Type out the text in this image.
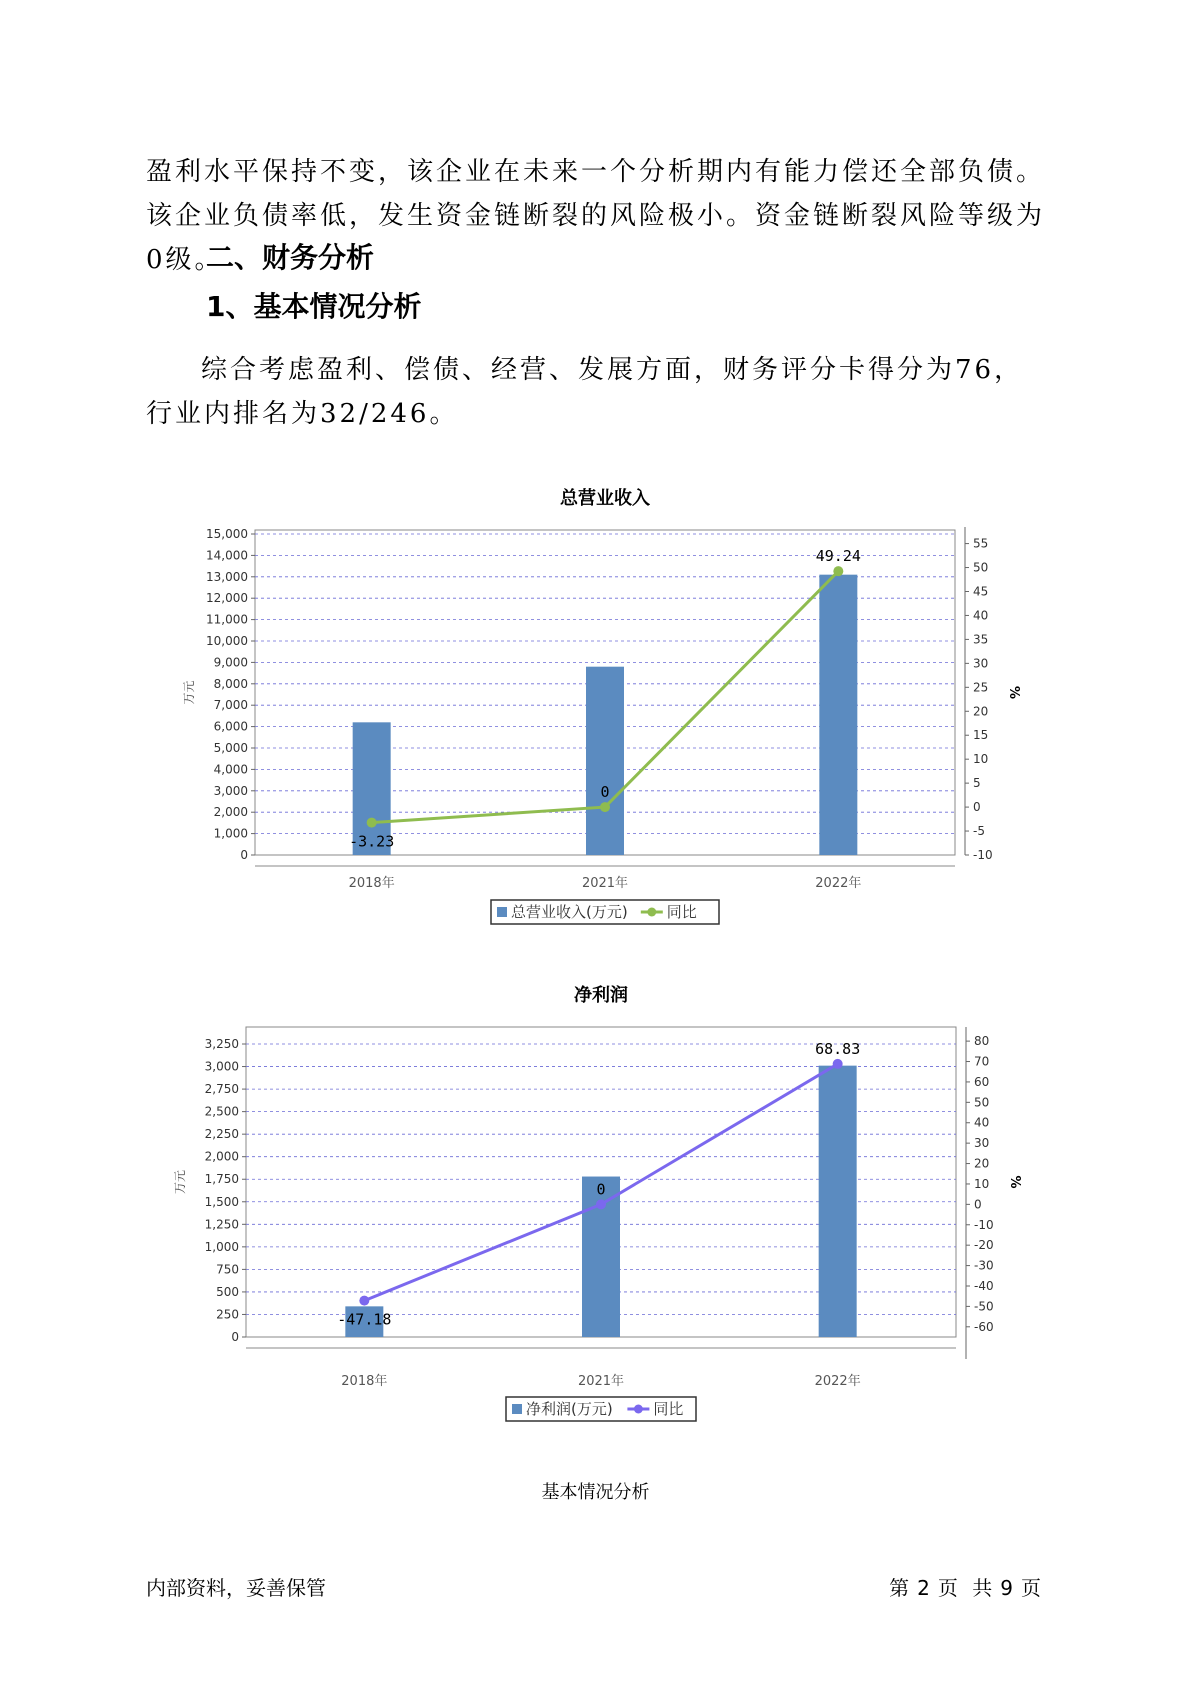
盈利水平保持不变，该企业在未来一个分析期内有能力偿还全部负债。该企业负债率低，发生资金链断裂的风险极小。资金链断裂风险等级为0级。

二、财务分析
1、基本情况分析

综合考虑盈利、偿债、经营、发展方面，财务评分卡得分为76，行业内排名为32/246。

总营业收入
0
1,000
2,000
3,000
4,000
5,000
6,000
7,000
8,000
9,000
10,000
11,000
12,000
13,000
14,000
15,000
万元
-10
-5
0
5
10
15
20
25
30
35
40
45
50
55
%
2018年	2021年	2022年
-3.23
0
49.24
总营业收入(万元)	同比
净利润
0
250
500
750
1,000
1,250
1,500
1,750
2,000
2,250
2,500
2,750
3,000
3,250
万元
-60
-50
-40
-30
-20
-10
0
10
20
30
40
50
60
70
80
%
2018年	2021年	2022年
-47.18
0
68.83
净利润(万元)	同比
基本情况分析
内部资料，妥善保管	第 2 页 共 9 页
